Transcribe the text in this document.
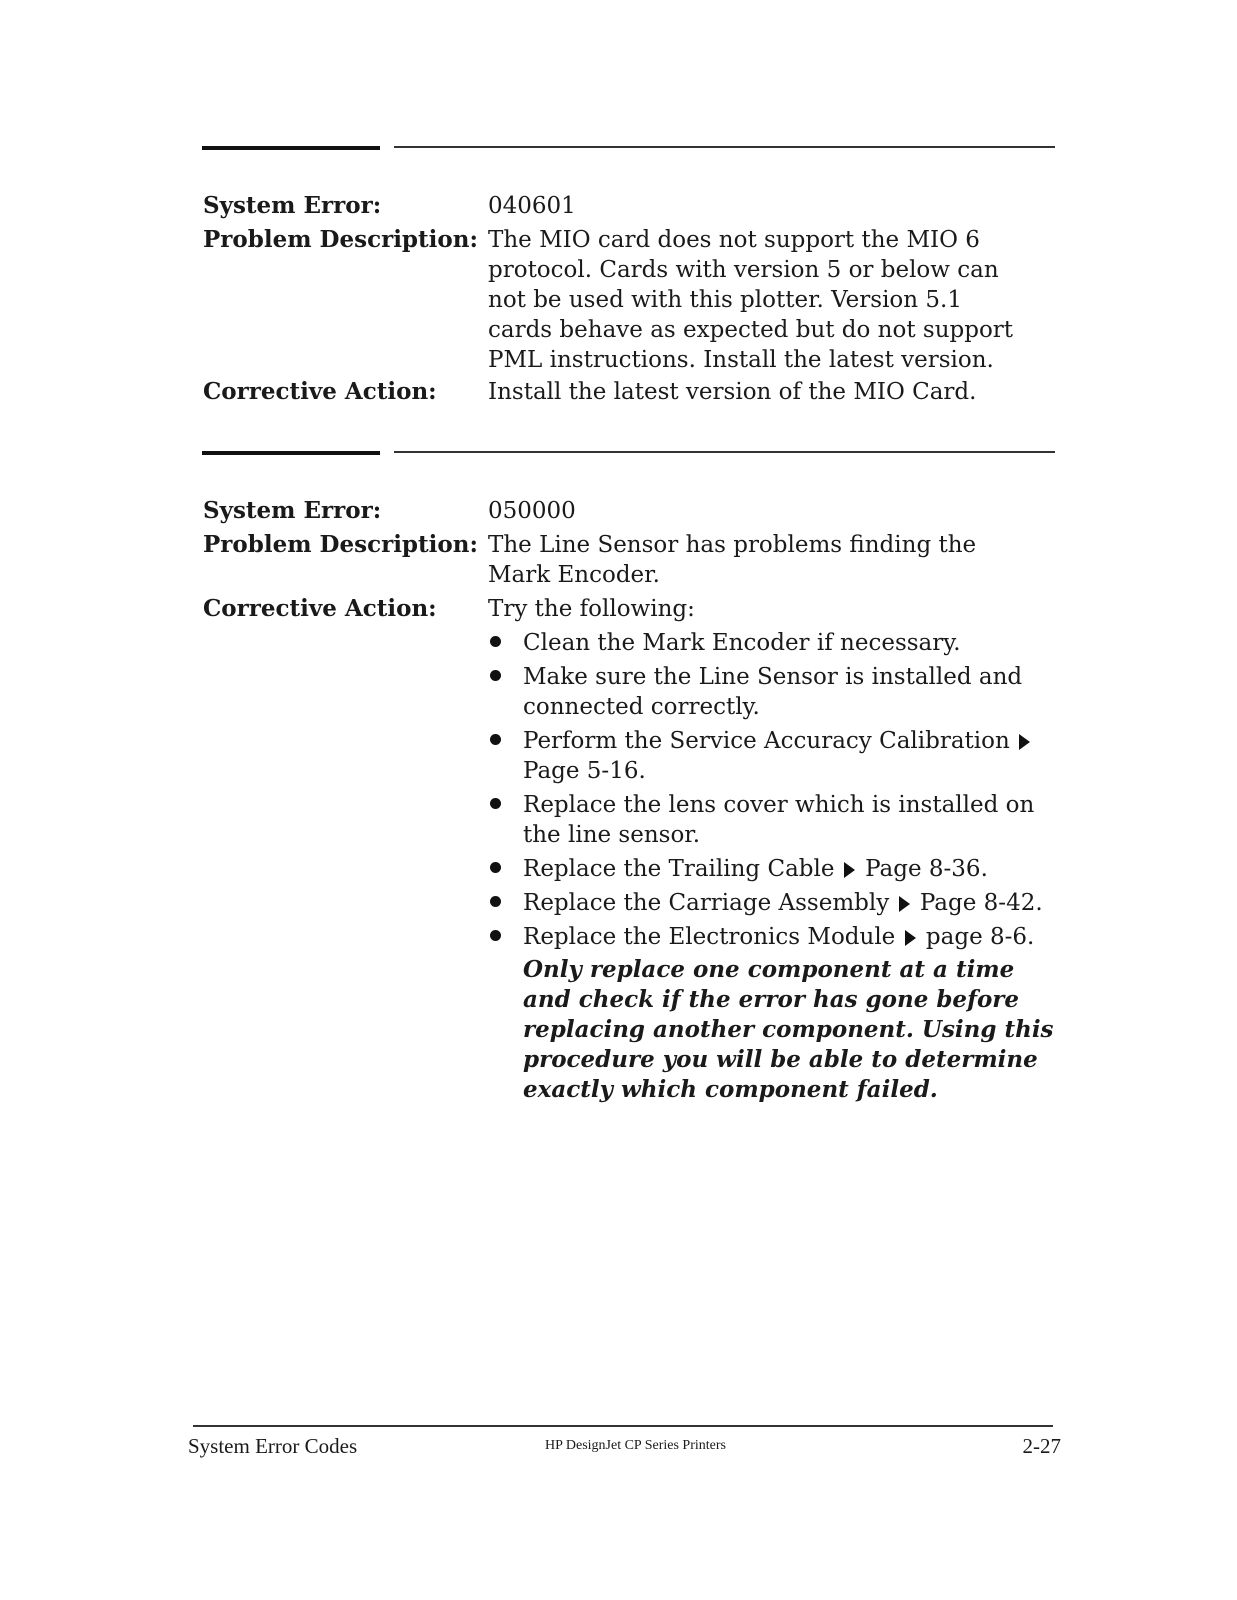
System Error:	040601
Problem Description: The MIO card does not support the MIO 6 protocol. Cards with version 5 or below can not be used with this plotter. Version 5.1 cards behave as expected but do not support PML instructions. Install the latest version.
Corrective Action: Install the latest version of the MIO Card.
System Error:	050000
Problem Description: The Line Sensor has problems finding the Mark Encoder.
Corrective Action: Try the following:
Clean the Mark Encoder if necessary.
Make sure the Line Sensor is installed and connected correctly.
Perform the Service Accuracy Calibration
Page 5-16.
Replace the lens cover which is installed on the line sensor.
Replace the Trailing Cable Page 8-36.
Replace the Carriage Assembly Page 8-42.
Replace the Electronics Module page 8-6.
Only replace one component at a time and check if the error has gone before replacing another component. Using this procedure you will be able to determine exactly which component failed.
System Error Codes	HP DesignJet CP Series Printers	2-27
